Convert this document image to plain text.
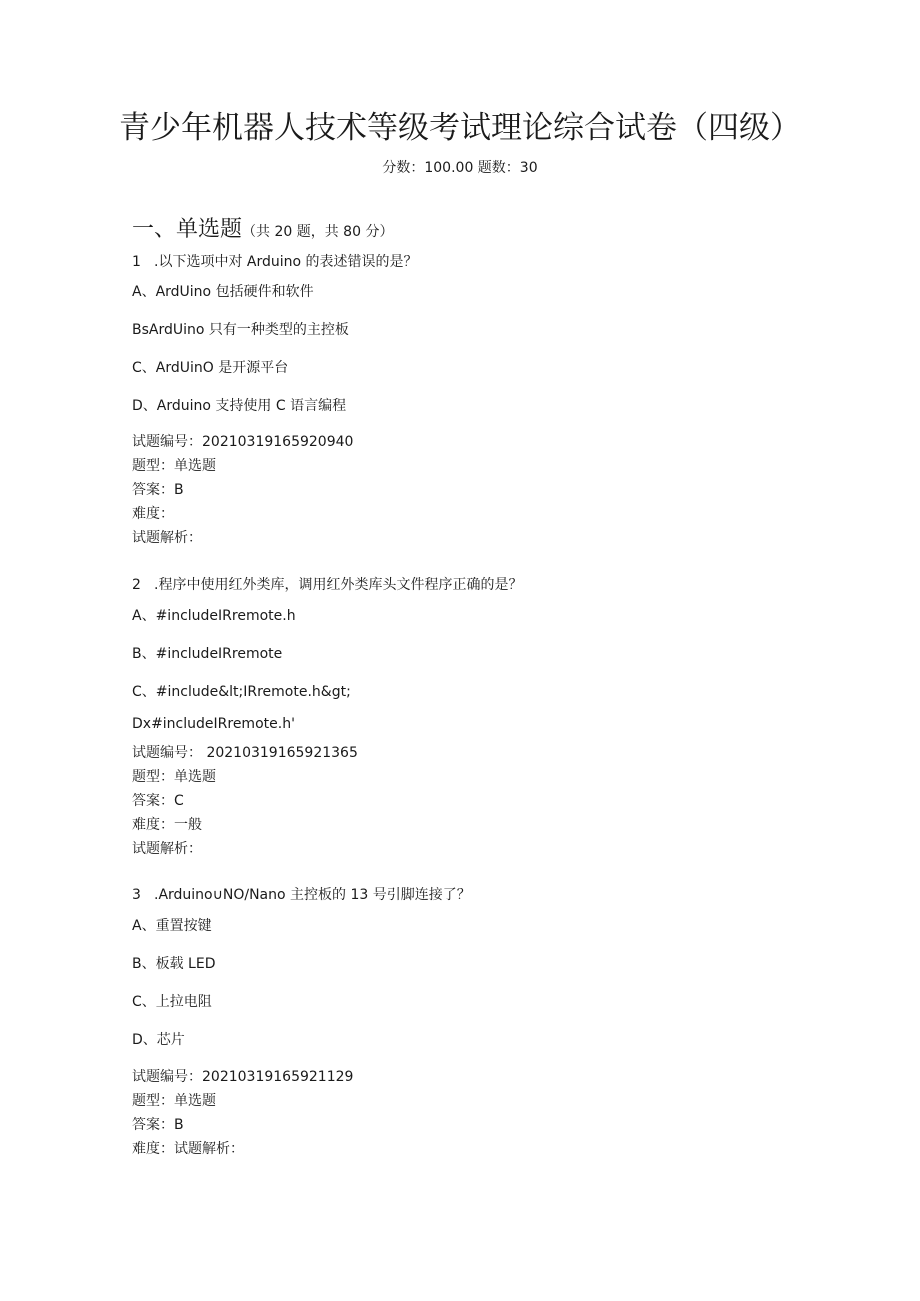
青少年机器人技术等级考试理论综合试卷（四级）
分数：100.00 题数：30
一、单选题（共 20 题，共 80 分）
1 .以下选项中对 Arduino 的表述错误的是？
A、ArdUino 包括硬件和软件
BsArdUino 只有一种类型的主控板
C、ArdUinO 是开源平台
D、Arduino 支持使用 C 语言编程
试题编号：20210319165920940
题型：单选题
答案：B
难度：
试题解析：
2 .程序中使用红外类库，调用红外类库头文件程序正确的是？
A、#includeIRremote.h
B、#includeIRremote
C、#include&lt;IRremote.h&gt;
Dx#includeIRremote.h'
试题编号： 20210319165921365
题型：单选题
答案：C
难度：一般
试题解析：
3 .Arduino∪NO∕Nano 主控板的 13 号引脚连接了？
A、重置按键
B、板载 LED
C、上拉电阻
D、芯片
试题编号：20210319165921129
题型：单选题
答案：B
难度：试题解析：
